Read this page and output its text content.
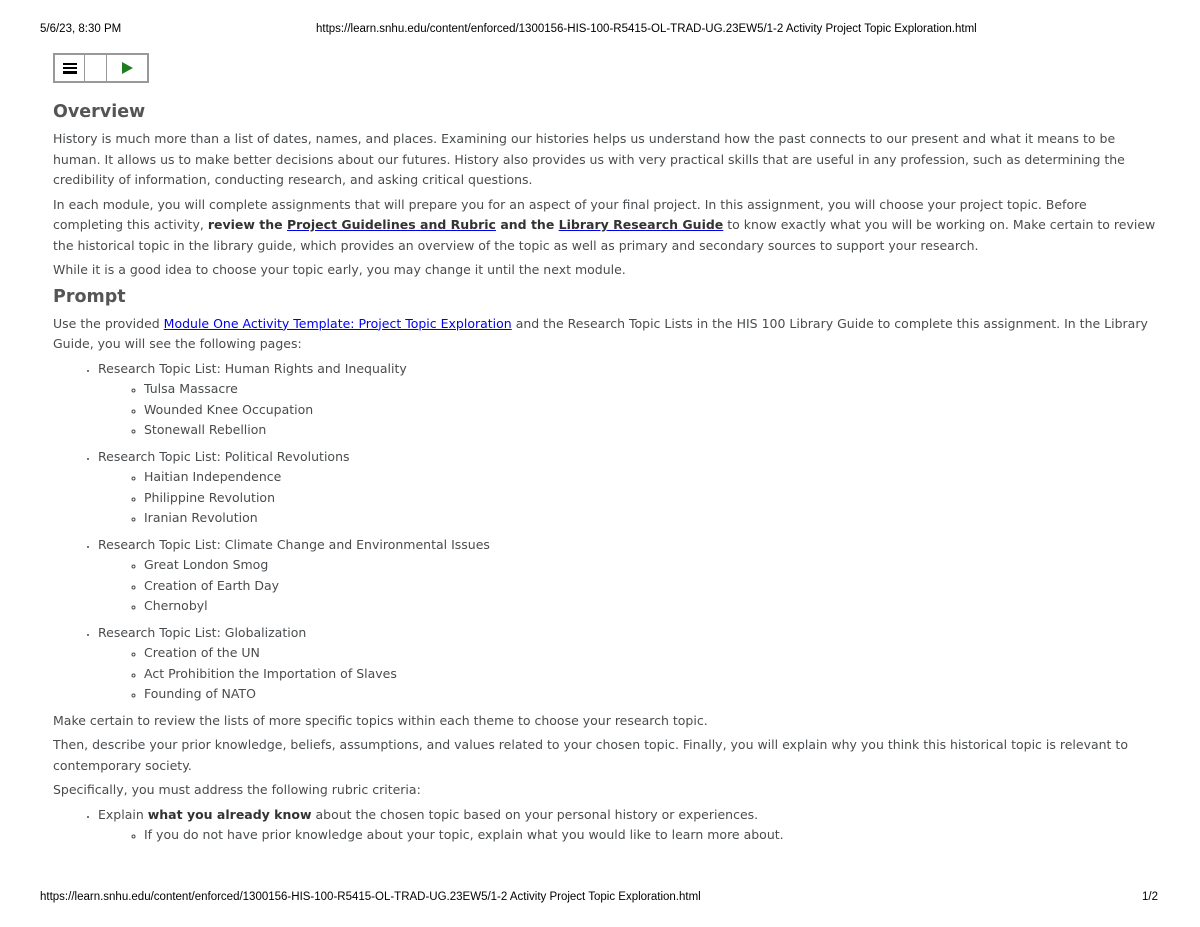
5/6/23, 8:30 PM	https://learn.snhu.edu/content/enforced/1300156-HIS-100-R5415-OL-TRAD-UG.23EW5/1-2 Activity Project Topic Exploration.html
Overview

History is much more than a list of dates, names, and places. Examining our histories helps us understand how the past connects to our present and what it means to be human. It allows us to make better decisions about our futures. History also provides us with very practical skills that are useful in any profession, such as determining the credibility of information, conducting research, and asking critical questions.

In each module, you will complete assignments that will prepare you for an aspect of your final project. In this assignment, you will choose your project topic. Before completing this activity, review the Project Guidelines and Rubric and the Library Research Guide to know exactly what you will be working on. Make certain to review the historical topic in the library guide, which provides an overview of the topic as well as primary and secondary sources to support your research.

While it is a good idea to choose your topic early, you may change it until the next module.

Prompt

Use the provided Module One Activity Template: Project Topic Exploration and the Research Topic Lists in the HIS 100 Library Guide to complete this assignment. In the Library Guide, you will see the following pages:

• Research Topic List: Human Rights and Inequality
◦ Tulsa Massacre
◦ Wounded Knee Occupation
◦ Stonewall Rebellion
• Research Topic List: Political Revolutions
◦ Haitian Independence
◦ Philippine Revolution
◦ Iranian Revolution
• Research Topic List: Climate Change and Environmental Issues
◦ Great London Smog
◦ Creation of Earth Day
◦ Chernobyl
• Research Topic List: Globalization
◦ Creation of the UN
◦ Act Prohibition the Importation of Slaves
◦ Founding of NATO

Make certain to review the lists of more specific topics within each theme to choose your research topic.

Then, describe your prior knowledge, beliefs, assumptions, and values related to your chosen topic. Finally, you will explain why you think this historical topic is relevant to contemporary society.

Specifically, you must address the following rubric criteria:

• Explain what you already know about the chosen topic based on your personal history or experiences.
◦ If you do not have prior knowledge about your topic, explain what you would like to learn more about.
https://learn.snhu.edu/content/enforced/1300156-HIS-100-R5415-OL-TRAD-UG.23EW5/1-2 Activity Project Topic Exploration.html	1/2
